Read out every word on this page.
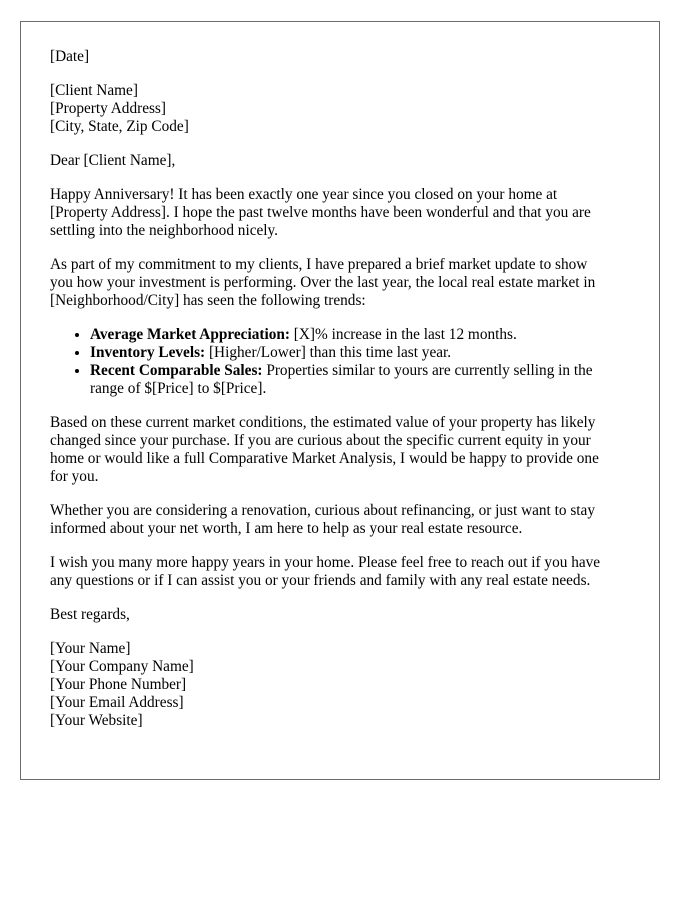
[Date]
[Client Name]
[Property Address]
[City, State, Zip Code]
Dear [Client Name],
Happy Anniversary! It has been exactly one year since you closed on your home at
[Property Address]. I hope the past twelve months have been wonderful and that you are
settling into the neighborhood nicely.
As part of my commitment to my clients, I have prepared a brief market update to show
you how your investment is performing. Over the last year, the local real estate market in
[Neighborhood/City] has seen the following trends:
• Average Market Appreciation: [X]% increase in the last 12 months.
• Inventory Levels: [Higher/Lower] than this time last year.
• Recent Comparable Sales: Properties similar to yours are currently selling in the
range of $[Price] to $[Price].
Based on these current market conditions, the estimated value of your property has likely
changed since your purchase. If you are curious about the specific current equity in your
home or would like a full Comparative Market Analysis, I would be happy to provide one
for you.
Whether you are considering a renovation, curious about refinancing, or just want to stay
informed about your net worth, I am here to help as your real estate resource.
I wish you many more happy years in your home. Please feel free to reach out if you have
any questions or if I can assist you or your friends and family with any real estate needs.
Best regards,
[Your Name]
[Your Company Name]
[Your Phone Number]
[Your Email Address]
[Your Website]
